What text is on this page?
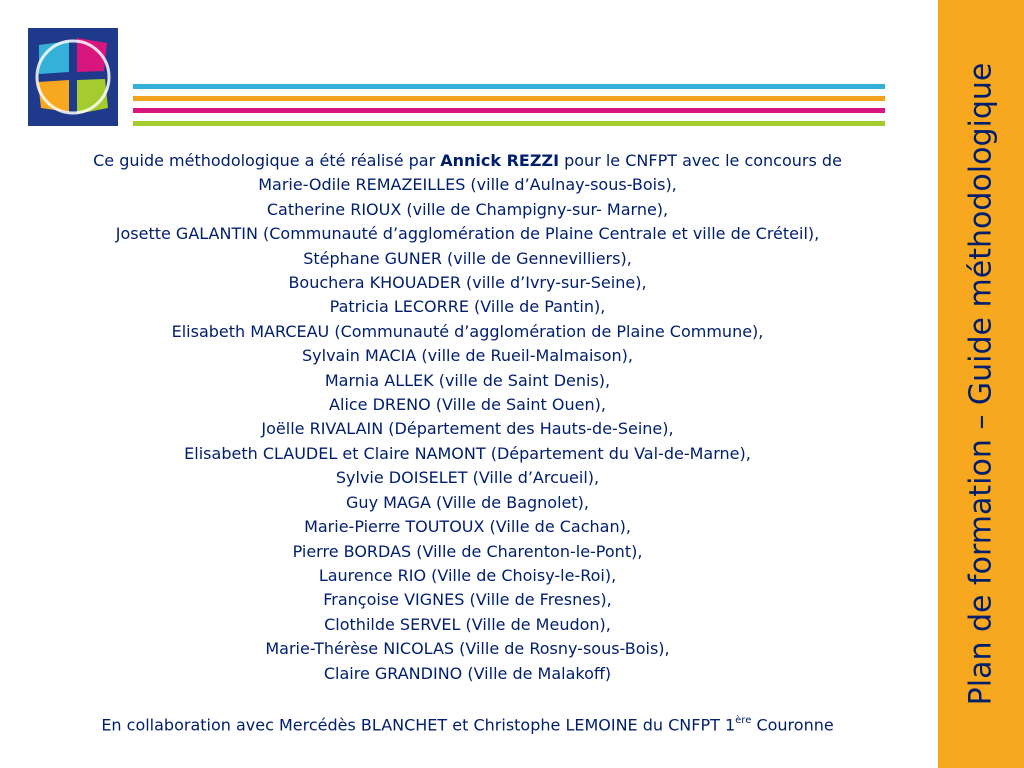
Ce guide méthodologique a été réalisé par Annick REZZI pour le CNFPT avec le concours de
Marie-Odile REMAZEILLES (ville d’Aulnay-sous-Bois),
Catherine RIOUX (ville de Champigny-sur- Marne),
Josette GALANTIN (Communauté d’agglomération de Plaine Centrale et ville de Créteil),
Stéphane GUNER (ville de Gennevilliers),
Bouchera KHOUADER (ville d’Ivry-sur-Seine),
Patricia LECORRE (Ville de Pantin),
Elisabeth MARCEAU (Communauté d’agglomération de Plaine Commune),
Sylvain MACIA (ville de Rueil-Malmaison),
Marnia ALLEK (ville de Saint Denis),
Alice DRENO (Ville de Saint Ouen),
Joëlle RIVALAIN (Département des Hauts-de-Seine),
Elisabeth CLAUDEL et Claire NAMONT (Département du Val-de-Marne),
Sylvie DOISELET (Ville d’Arcueil),
Guy MAGA (Ville de Bagnolet),
Marie-Pierre TOUTOUX (Ville de Cachan),
Pierre BORDAS (Ville de Charenton-le-Pont),
Laurence RIO (Ville de Choisy-le-Roi),
Françoise VIGNES (Ville de Fresnes),
Clothilde SERVEL (Ville de Meudon),
Marie-Thérèse NICOLAS (Ville de Rosny-sous-Bois),
Claire GRANDINO (Ville de Malakoff)
En collaboration avec Mercédès BLANCHET et Christophe LEMOINE du CNFPT 1ère Couronne
Plan de formation – Guide méthodologique
